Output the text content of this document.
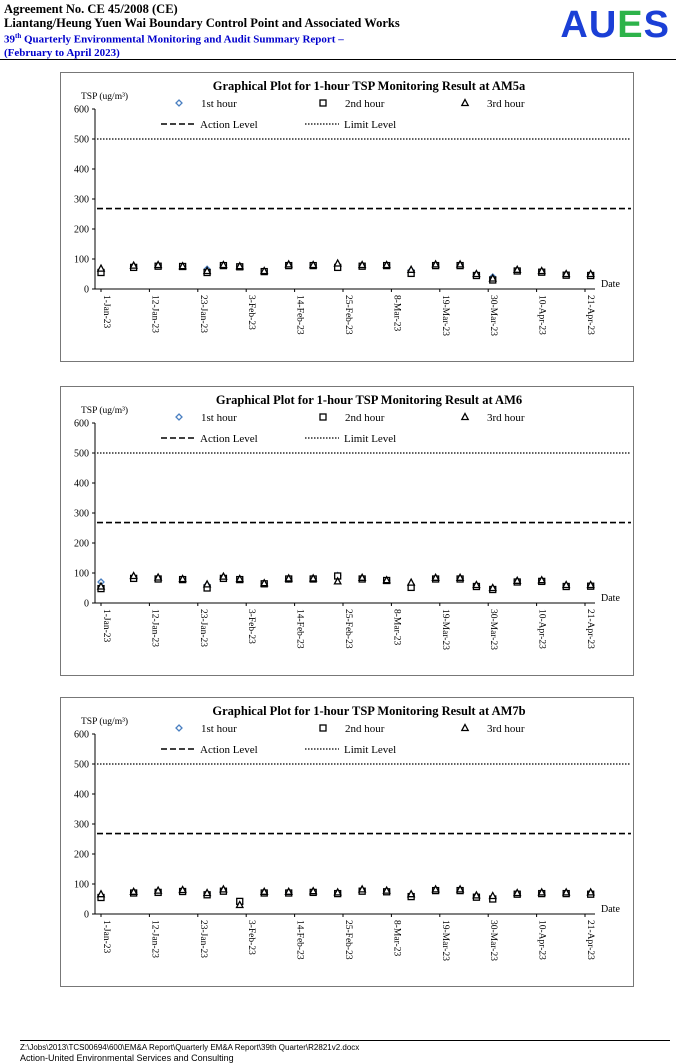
Agreement No. CE 45/2008 (CE)
Liantang/Heung Yuen Wai Boundary Control Point and Associated Works
39th Quarterly Environmental Monitoring and Audit Summary Report –
(February to April 2023)
AUES
Graphical Plot for 1-hour TSP Monitoring Result at AM5a
TSP (ug/m³)
Date
0
100
200
300
400
500
600
1-Jan-23	12-Jan-23	23-Jan-23	3-Feb-23	14-Feb-23	25-Feb-23	8-Mar-23	19-Mar-23	30-Mar-23	10-Apr-23	21-Apr-23
1st hour	2nd hour	3rd hour
Action Level	Limit Level
Graphical Plot for 1-hour TSP Monitoring Result at AM6
TSP (ug/m³)
Date
0
100
200
300
400
500
600
1-Jan-23	12-Jan-23	23-Jan-23	3-Feb-23	14-Feb-23	25-Feb-23	8-Mar-23	19-Mar-23	30-Mar-23	10-Apr-23	21-Apr-23
1st hour	2nd hour	3rd hour
Action Level	Limit Level
Graphical Plot for 1-hour TSP Monitoring Result at AM7b
TSP (ug/m³)
Date
0
100
200
300
400
500
600
1-Jan-23	12-Jan-23	23-Jan-23	3-Feb-23	14-Feb-23	25-Feb-23	8-Mar-23	19-Mar-23	30-Mar-23	10-Apr-23	21-Apr-23
1st hour	2nd hour	3rd hour
Action Level	Limit Level
Z:\Jobs\2013\TCS00694\600\EM&A Report\Quarterly EM&A Report\39th Quarter\R2821v2.docx
Action-United Environmental Services and Consulting
